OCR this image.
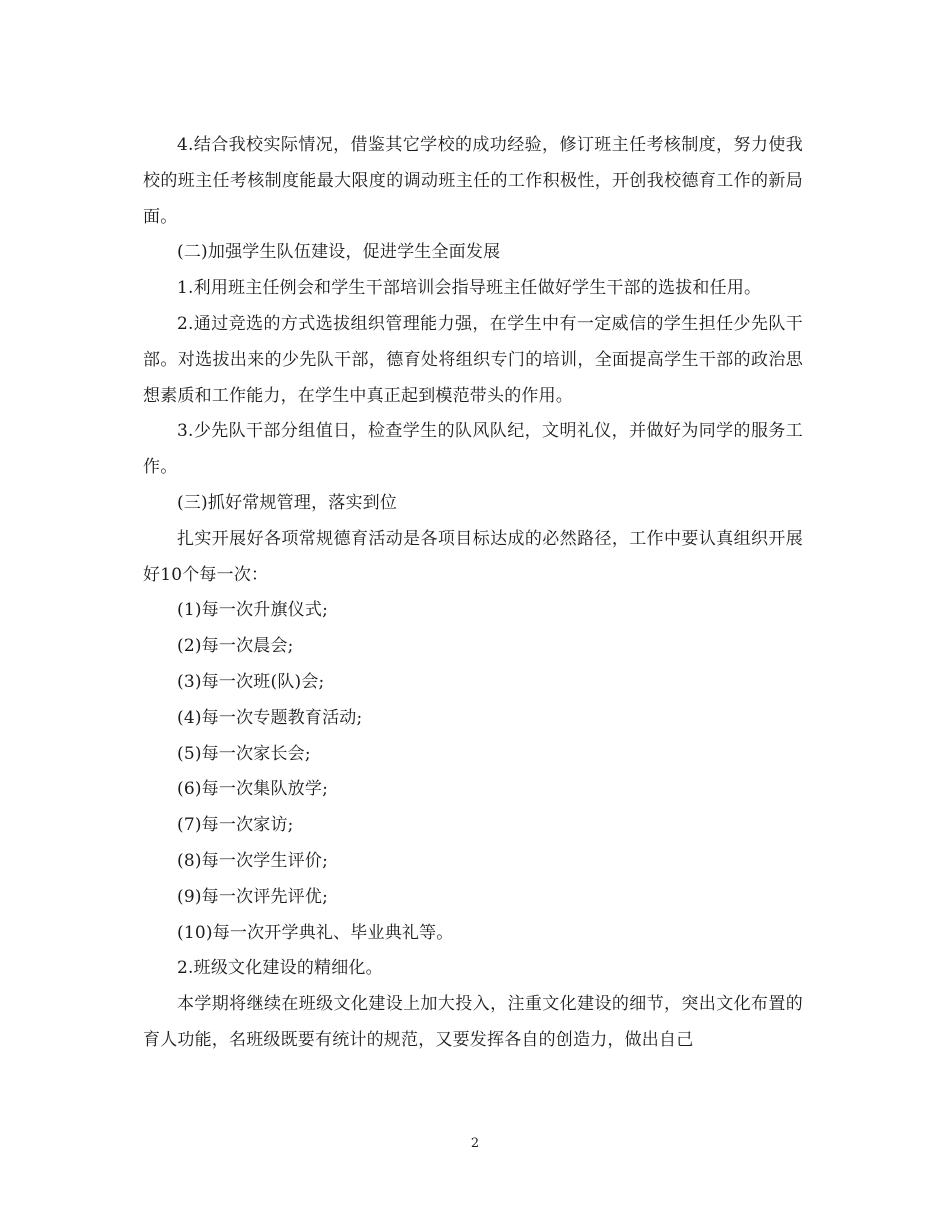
4.结合我校实际情况，借鉴其它学校的成功经验，修订班主任考核制度，努力使我校的班主任考核制度能最大限度的调动班主任的工作积极性，开创我校德育工作的新局面。

(二)加强学生队伍建设，促进学生全面发展

1.利用班主任例会和学生干部培训会指导班主任做好学生干部的选拔和任用。

2.通过竞选的方式选拔组织管理能力强，在学生中有一定威信的学生担任少先队干部。对选拔出来的少先队干部，德育处将组织专门的培训，全面提高学生干部的政治思想素质和工作能力，在学生中真正起到模范带头的作用。

3.少先队干部分组值日，检查学生的队风队纪，文明礼仪，并做好为同学的服务工作。

(三)抓好常规管理，落实到位

扎实开展好各项常规德育活动是各项目标达成的必然路径，工作中要认真组织开展好10个每一次：

(1)每一次升旗仪式;

(2)每一次晨会;

(3)每一次班(队)会;

(4)每一次专题教育活动;

(5)每一次家长会;

(6)每一次集队放学;

(7)每一次家访;

(8)每一次学生评价;

(9)每一次评先评优;

(10)每一次开学典礼、毕业典礼等。

2.班级文化建设的精细化。

本学期将继续在班级文化建设上加大投入，注重文化建设的细节，突出文化布置的育人功能，名班级既要有统计的规范，又要发挥各自的创造力，做出自己

2
